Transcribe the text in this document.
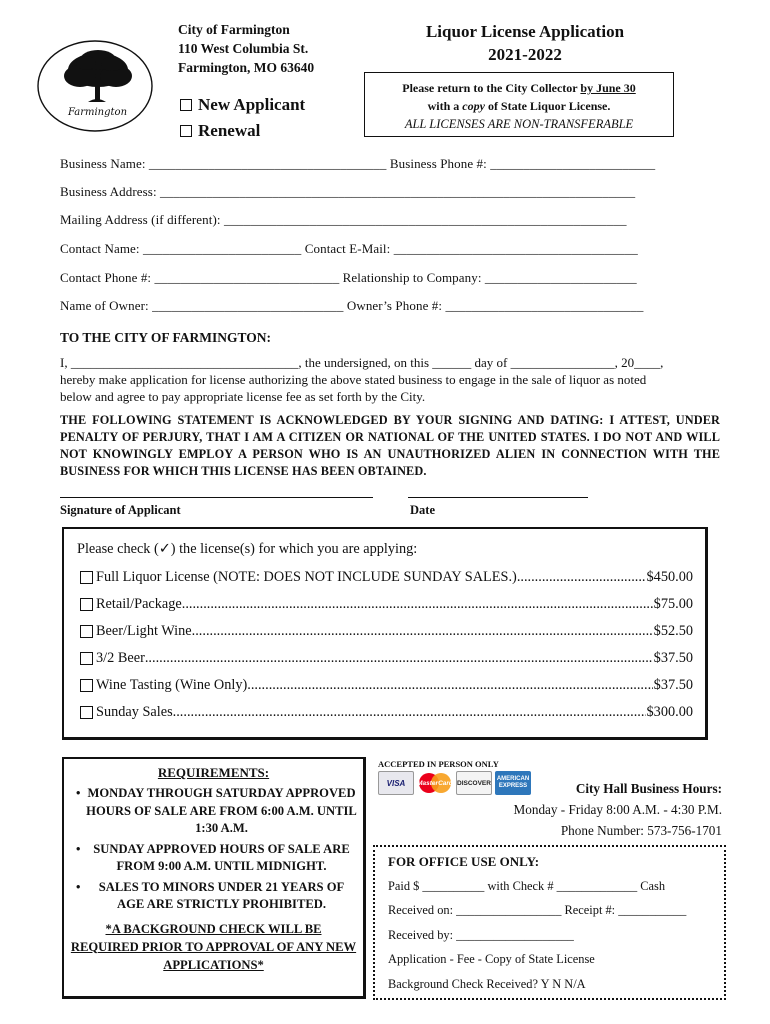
Farmington
City of Farmington
110 West Columbia St.
Farmington, MO 63640
New Applicant
Renewal
Liquor License Application
2021-2022
Please return to the City Collector by June 30
with a copy of State Liquor License.
ALL LICENSES ARE NON-TRANSFERABLE
Business Name: ____________________________________ Business Phone #: _________________________
Business Address: ________________________________________________________________________
Mailing Address (if different): _____________________________________________________________
Contact Name: ________________________ Contact E-Mail: _____________________________________
Contact Phone #: ____________________________ Relationship to Company: _______________________
Name of Owner: _____________________________ Owner’s Phone #: ______________________________
TO THE CITY OF FARMINGTON:
I, ___________________________________, the undersigned, on this ______ day of ________________, 20____,
hereby make application for license authorizing the above stated business to engage in the sale of liquor as noted
below and agree to pay appropriate license fee as set forth by the City.
THE FOLLOWING STATEMENT IS ACKNOWLEDGED BY YOUR SIGNING AND DATING: I ATTEST, UNDER PENALTY OF PERJURY, THAT I AM A CITIZEN OR NATIONAL OF THE UNITED STATES. I DO NOT AND WILL NOT KNOWINGLY EMPLOY A PERSON WHO IS AN UNAUTHORIZED ALIEN IN CONNECTION WITH THE BUSINESS FOR WHICH THIS LICENSE HAS BEEN OBTAINED.
Signature of Applicant	Date
Please check (✓) the license(s) for which you are applying:
Full Liquor License (NOTE: DOES NOT INCLUDE SUNDAY SALES.) .....	$450.00
Retail/Package .....	$75.00
Beer/Light Wine .....	$52.50
3/2 Beer .....	$37.50
Wine Tasting (Wine Only) .....	$37.50
Sunday Sales .....	$300.00
REQUIREMENTS:
• MONDAY THROUGH SATURDAY APPROVED HOURS OF SALE ARE FROM 6:00 A.M. UNTIL 1:30 A.M.
• SUNDAY APPROVED HOURS OF SALE ARE FROM 9:00 A.M. UNTIL MIDNIGHT.
• SALES TO MINORS UNDER 21 YEARS OF AGE ARE STRICTLY PROHIBITED.
*A BACKGROUND CHECK WILL BE REQUIRED PRIOR TO APPROVAL OF ANY NEW APPLICATIONS*
ACCEPTED IN PERSON ONLY
VISA MasterCard DISCOVER
AMERICAN EXPRESS	City Hall Business Hours:
Monday - Friday 8:00 A.M. - 4:30 P.M.
Phone Number: 573-756-1701
FOR OFFICE USE ONLY:
Paid $ __________ with Check # _____________ Cash
Received on: _________________ Receipt #: ___________
Received by: ___________________
Application - Fee - Copy of State License
Background Check Received? Y N N/A
